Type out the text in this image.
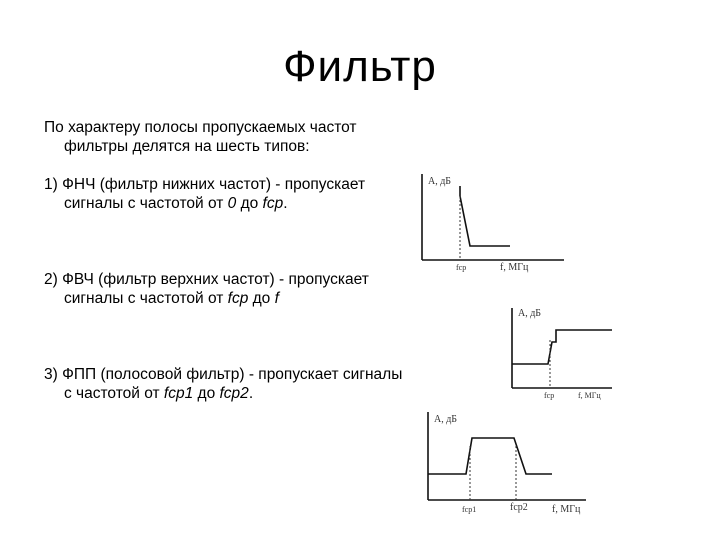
Фильтр

По характеру полосы пропускаемых частот фильтры делятся на шесть типов:

1) ФНЧ (фильтр нижних частот) - пропускает сигналы с частотой от 0 до fср.

2) ФВЧ (фильтр верхних частот) - пропускает сигналы с частотой от fср до f

3) ФПП (полосовой фильтр) - пропускает сигналы с частотой от fср1 до fср2.

A, дБ
fср	f, МГц
A, дБ
fср	f, МГц
A, дБ
fср1	fср2 f, МГц
